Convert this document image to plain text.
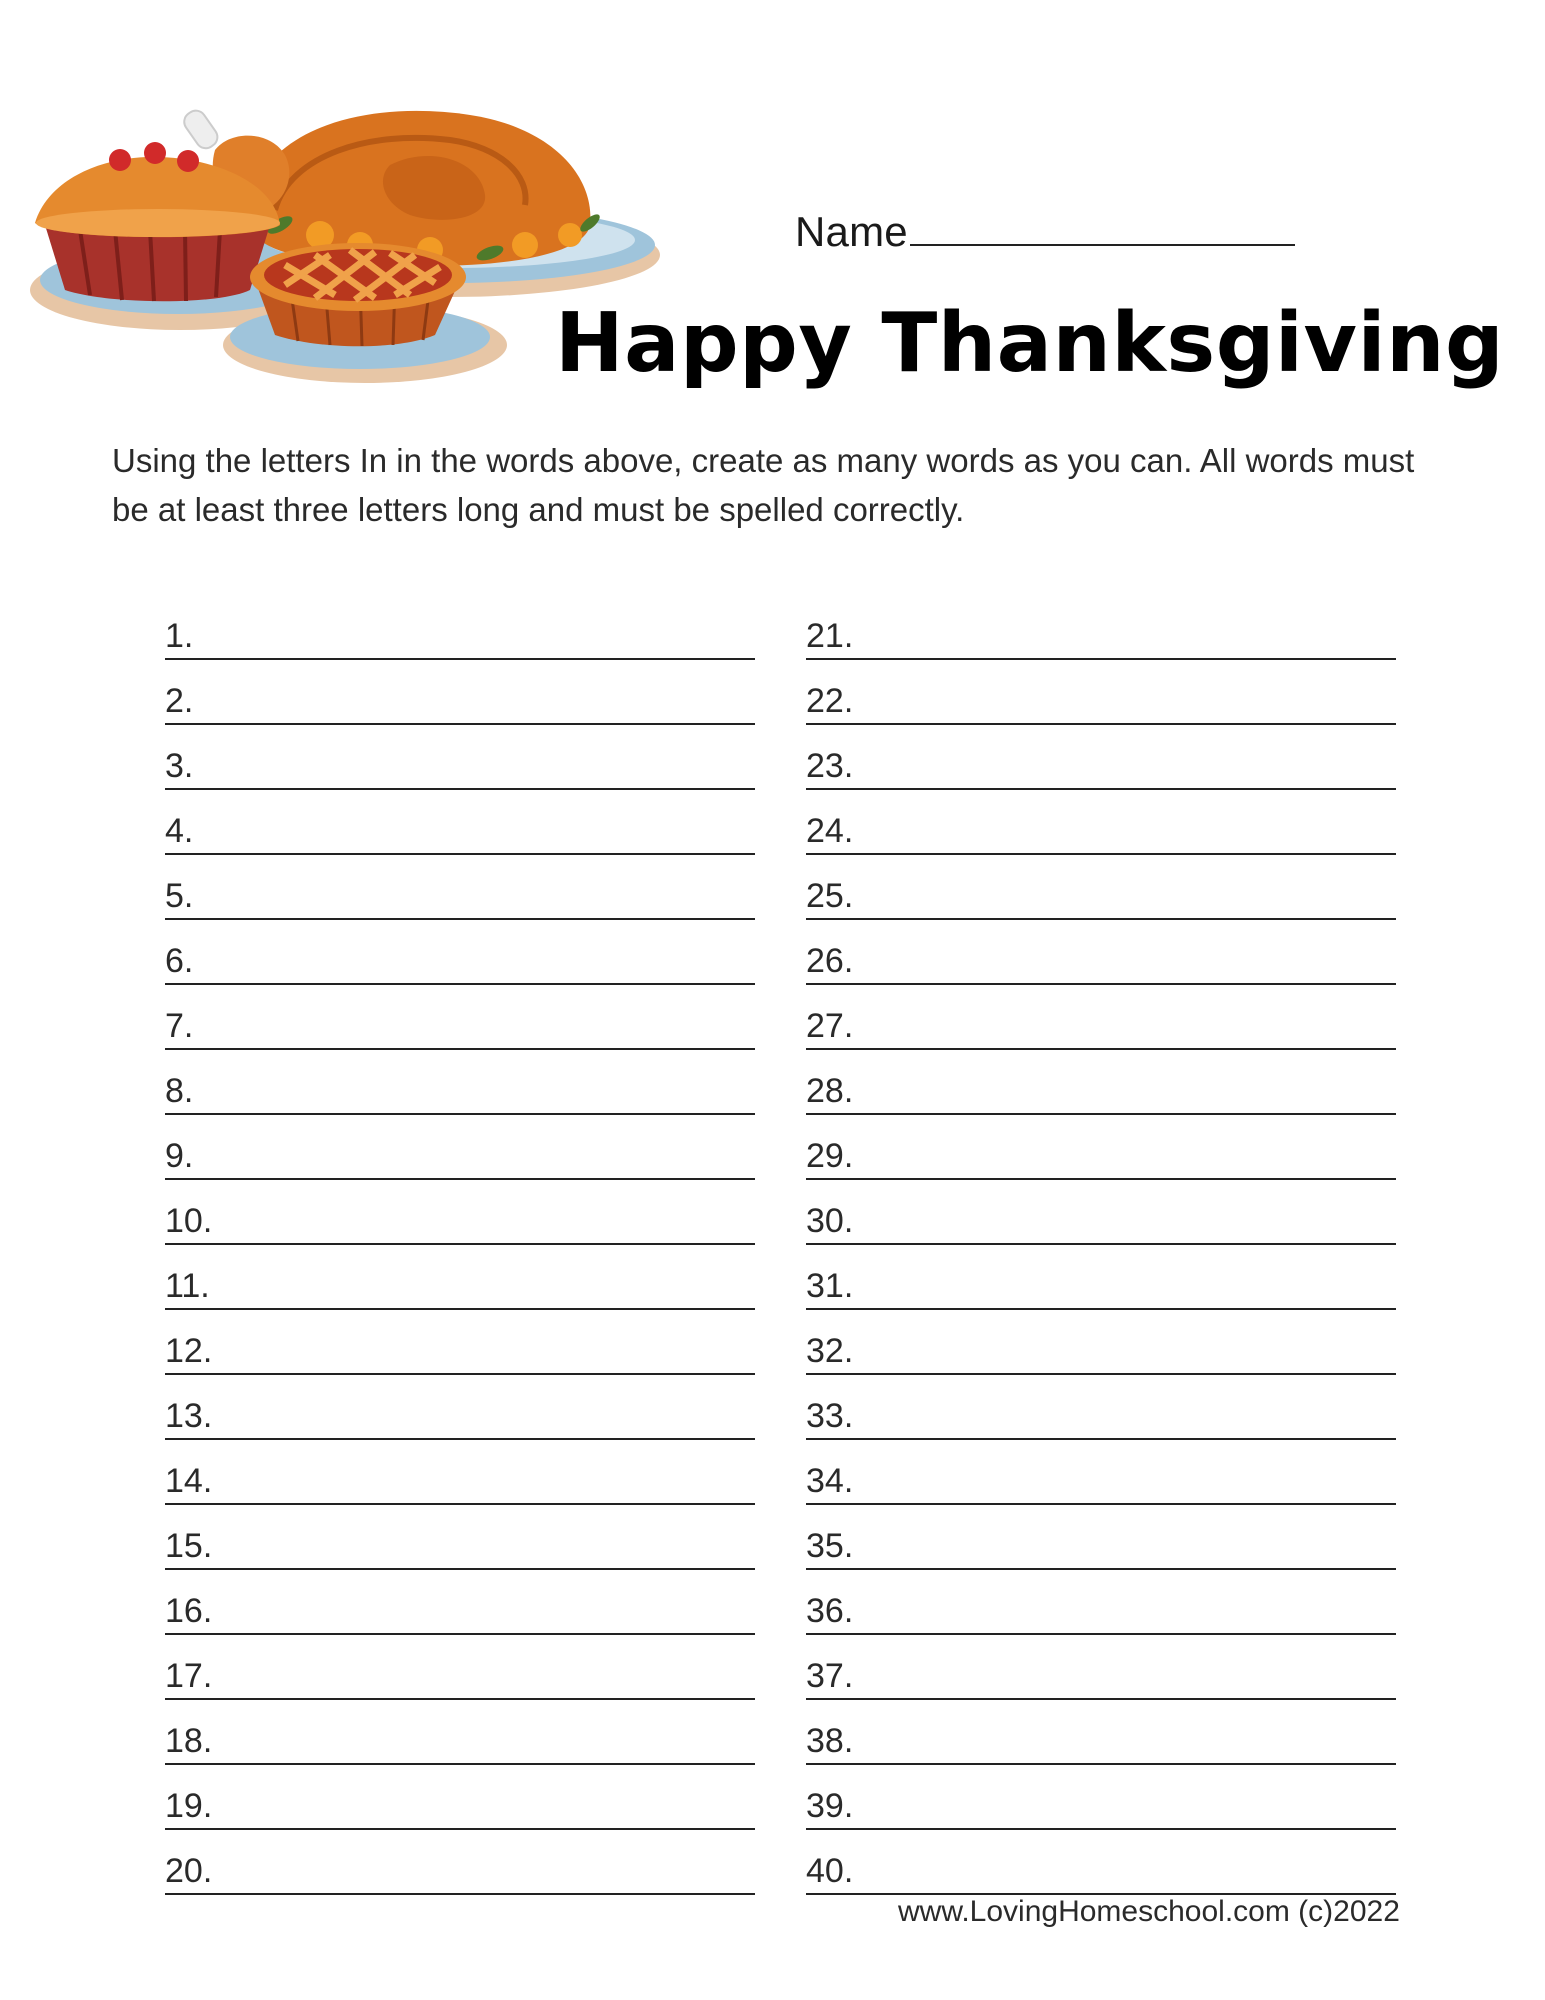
Name
Happy Thanksgiving
Using the letters In in the words above, create as many words as you can. All words must be at least three letters long and must be spelled correctly.
1.
2.
3.
4.
5.
6.
7.
8.
9.
10.
11.
12.
13.
14.
15.
16.
17.
18.
19.
20.
21.
22.
23.
24.
25.
26.
27.
28.
29.
30.
31.
32.
33.
34.
35.
36.
37.
38.
39.
40.
www.LovingHomeschool.com (c)2022
